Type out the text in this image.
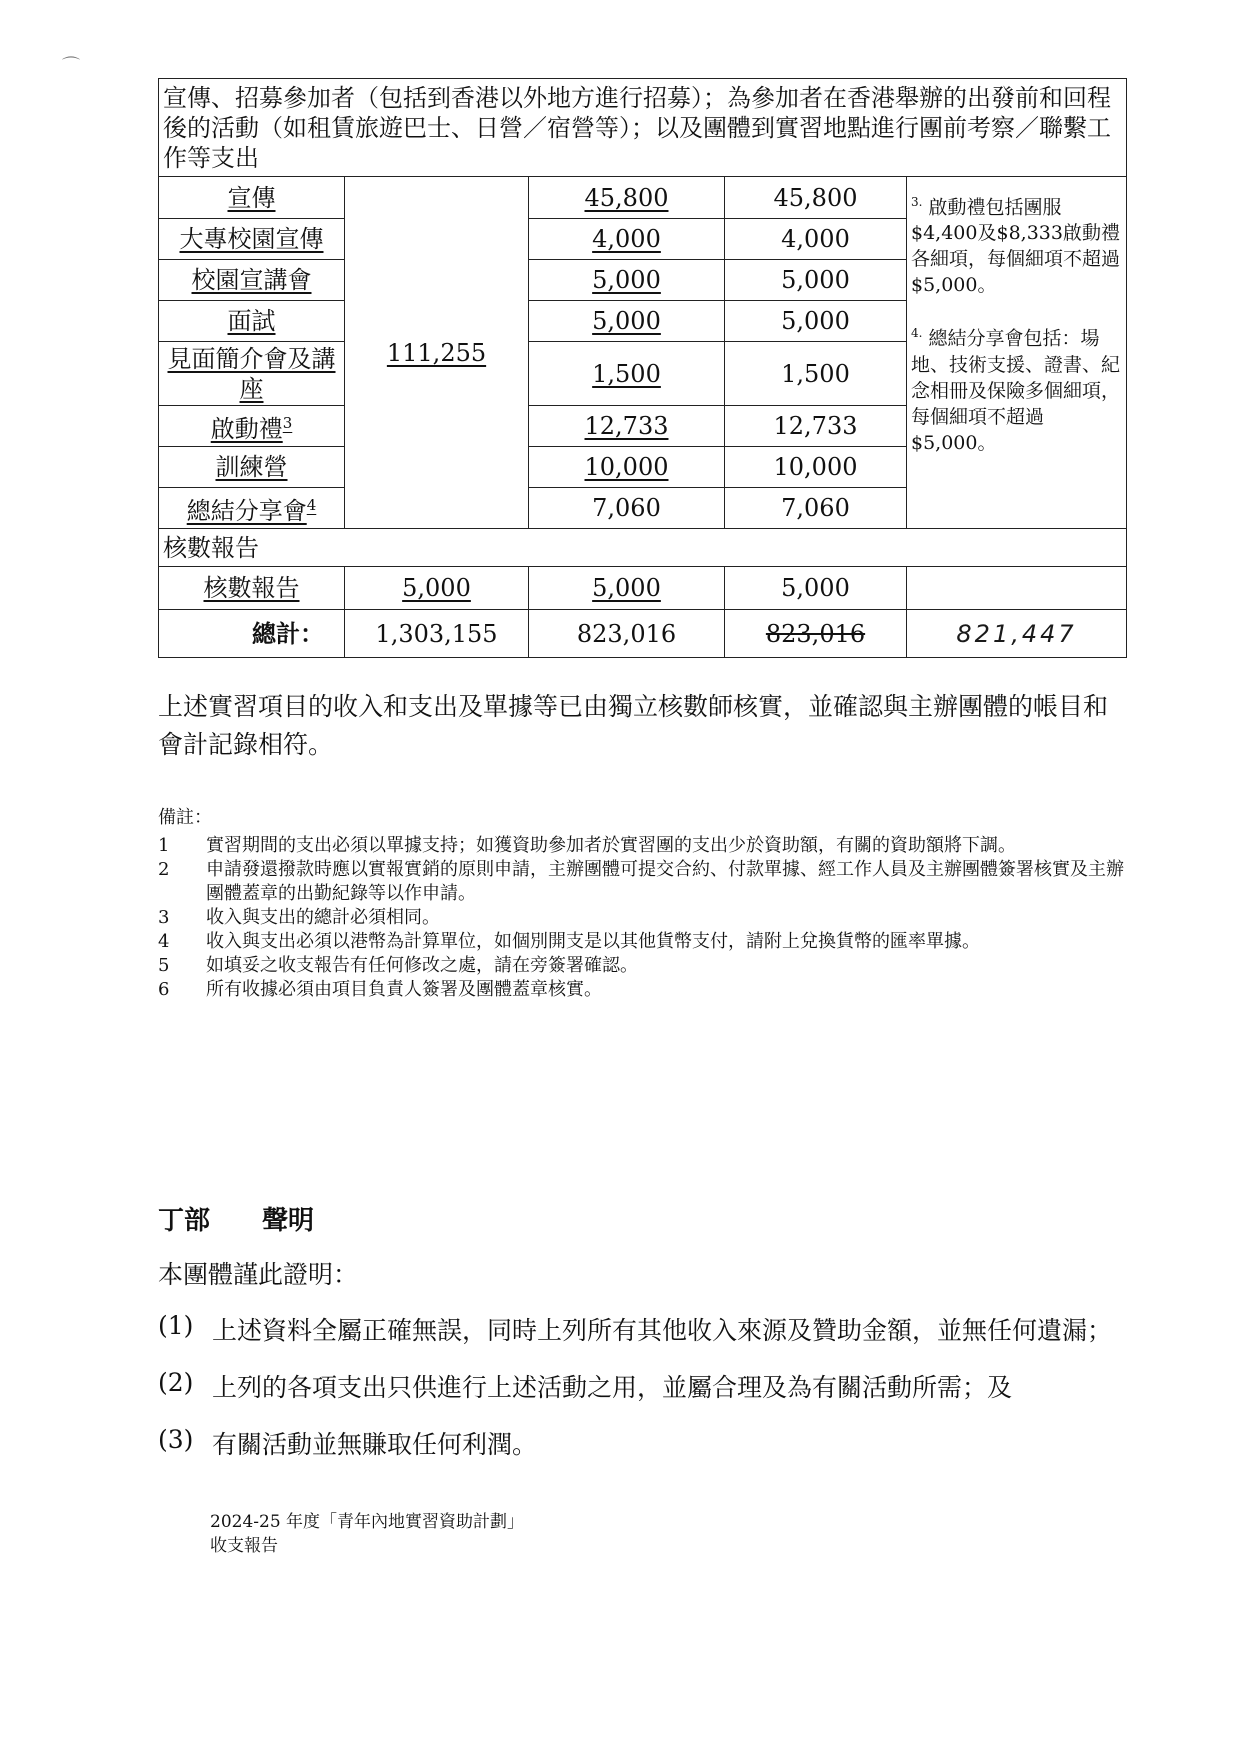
⌒
宣傳、招募參加者（包括到香港以外地方進行招募）；為參加者在香港舉辦的出發前和回程後的活動（如租賃旅遊巴士、日營／宿營等）；以及團體到實習地點進行團前考察／聯繫工作等支出				
宣傳	111,255	45,800	45,800	$^{3.}$ 啟動禮包括團服$4,400及$8,333啟動禮各細項，每個細項不超過$5,000。

$^{4.}$ 總結分享會包括：場地、技術支援、證書、紀念相冊及保險多個細項，每個細項不超過$5,000。

大專校園宣傳		4,000	4,000	
校園宣講會		5,000	5,000	
面試		5,000	5,000	
見面簡介會及講座		1,500	1,500	
啟動禮$^3$		12,733	12,733	
訓練營		10,000	10,000	
總結分享會$^4$		7,060	7,060	
核數報告				
核數報告	5,000	5,000	5,000	
總計：	1,303,155	823,016	823,016	821,447

上述實習項目的收入和支出及單據等已由獨立核數師核實，並確認與主辦團體的帳目和會計記錄相符。

備註：
1	實習期間的支出必須以單據支持；如獲資助參加者於實習團的支出少於資助額，有關的資助額將下調。
2	申請發還撥款時應以實報實銷的原則申請，主辦團體可提交合約、付款單據、經工作人員及主辦團體簽署核實及主辦團體蓋章的出勤紀錄等以作申請。
3	收入與支出的總計必須相同。
4	收入與支出必須以港幣為計算單位，如個別開支是以其他貨幣支付，請附上兌換貨幣的匯率單據。
5	如填妥之收支報告有任何修改之處，請在旁簽署確認。
6	所有收據必須由項目負責人簽署及團體蓋章核實。
丁部 聲明
本團體謹此證明：
(1) 上述資料全屬正確無誤，同時上列所有其他收入來源及贊助金額，並無任何遺漏；
(2) 上列的各項支出只供進行上述活動之用，並屬合理及為有關活動所需；及
(3) 有關活動並無賺取任何利潤。
2024-25 年度「青年內地實習資助計劃」
收支報告
